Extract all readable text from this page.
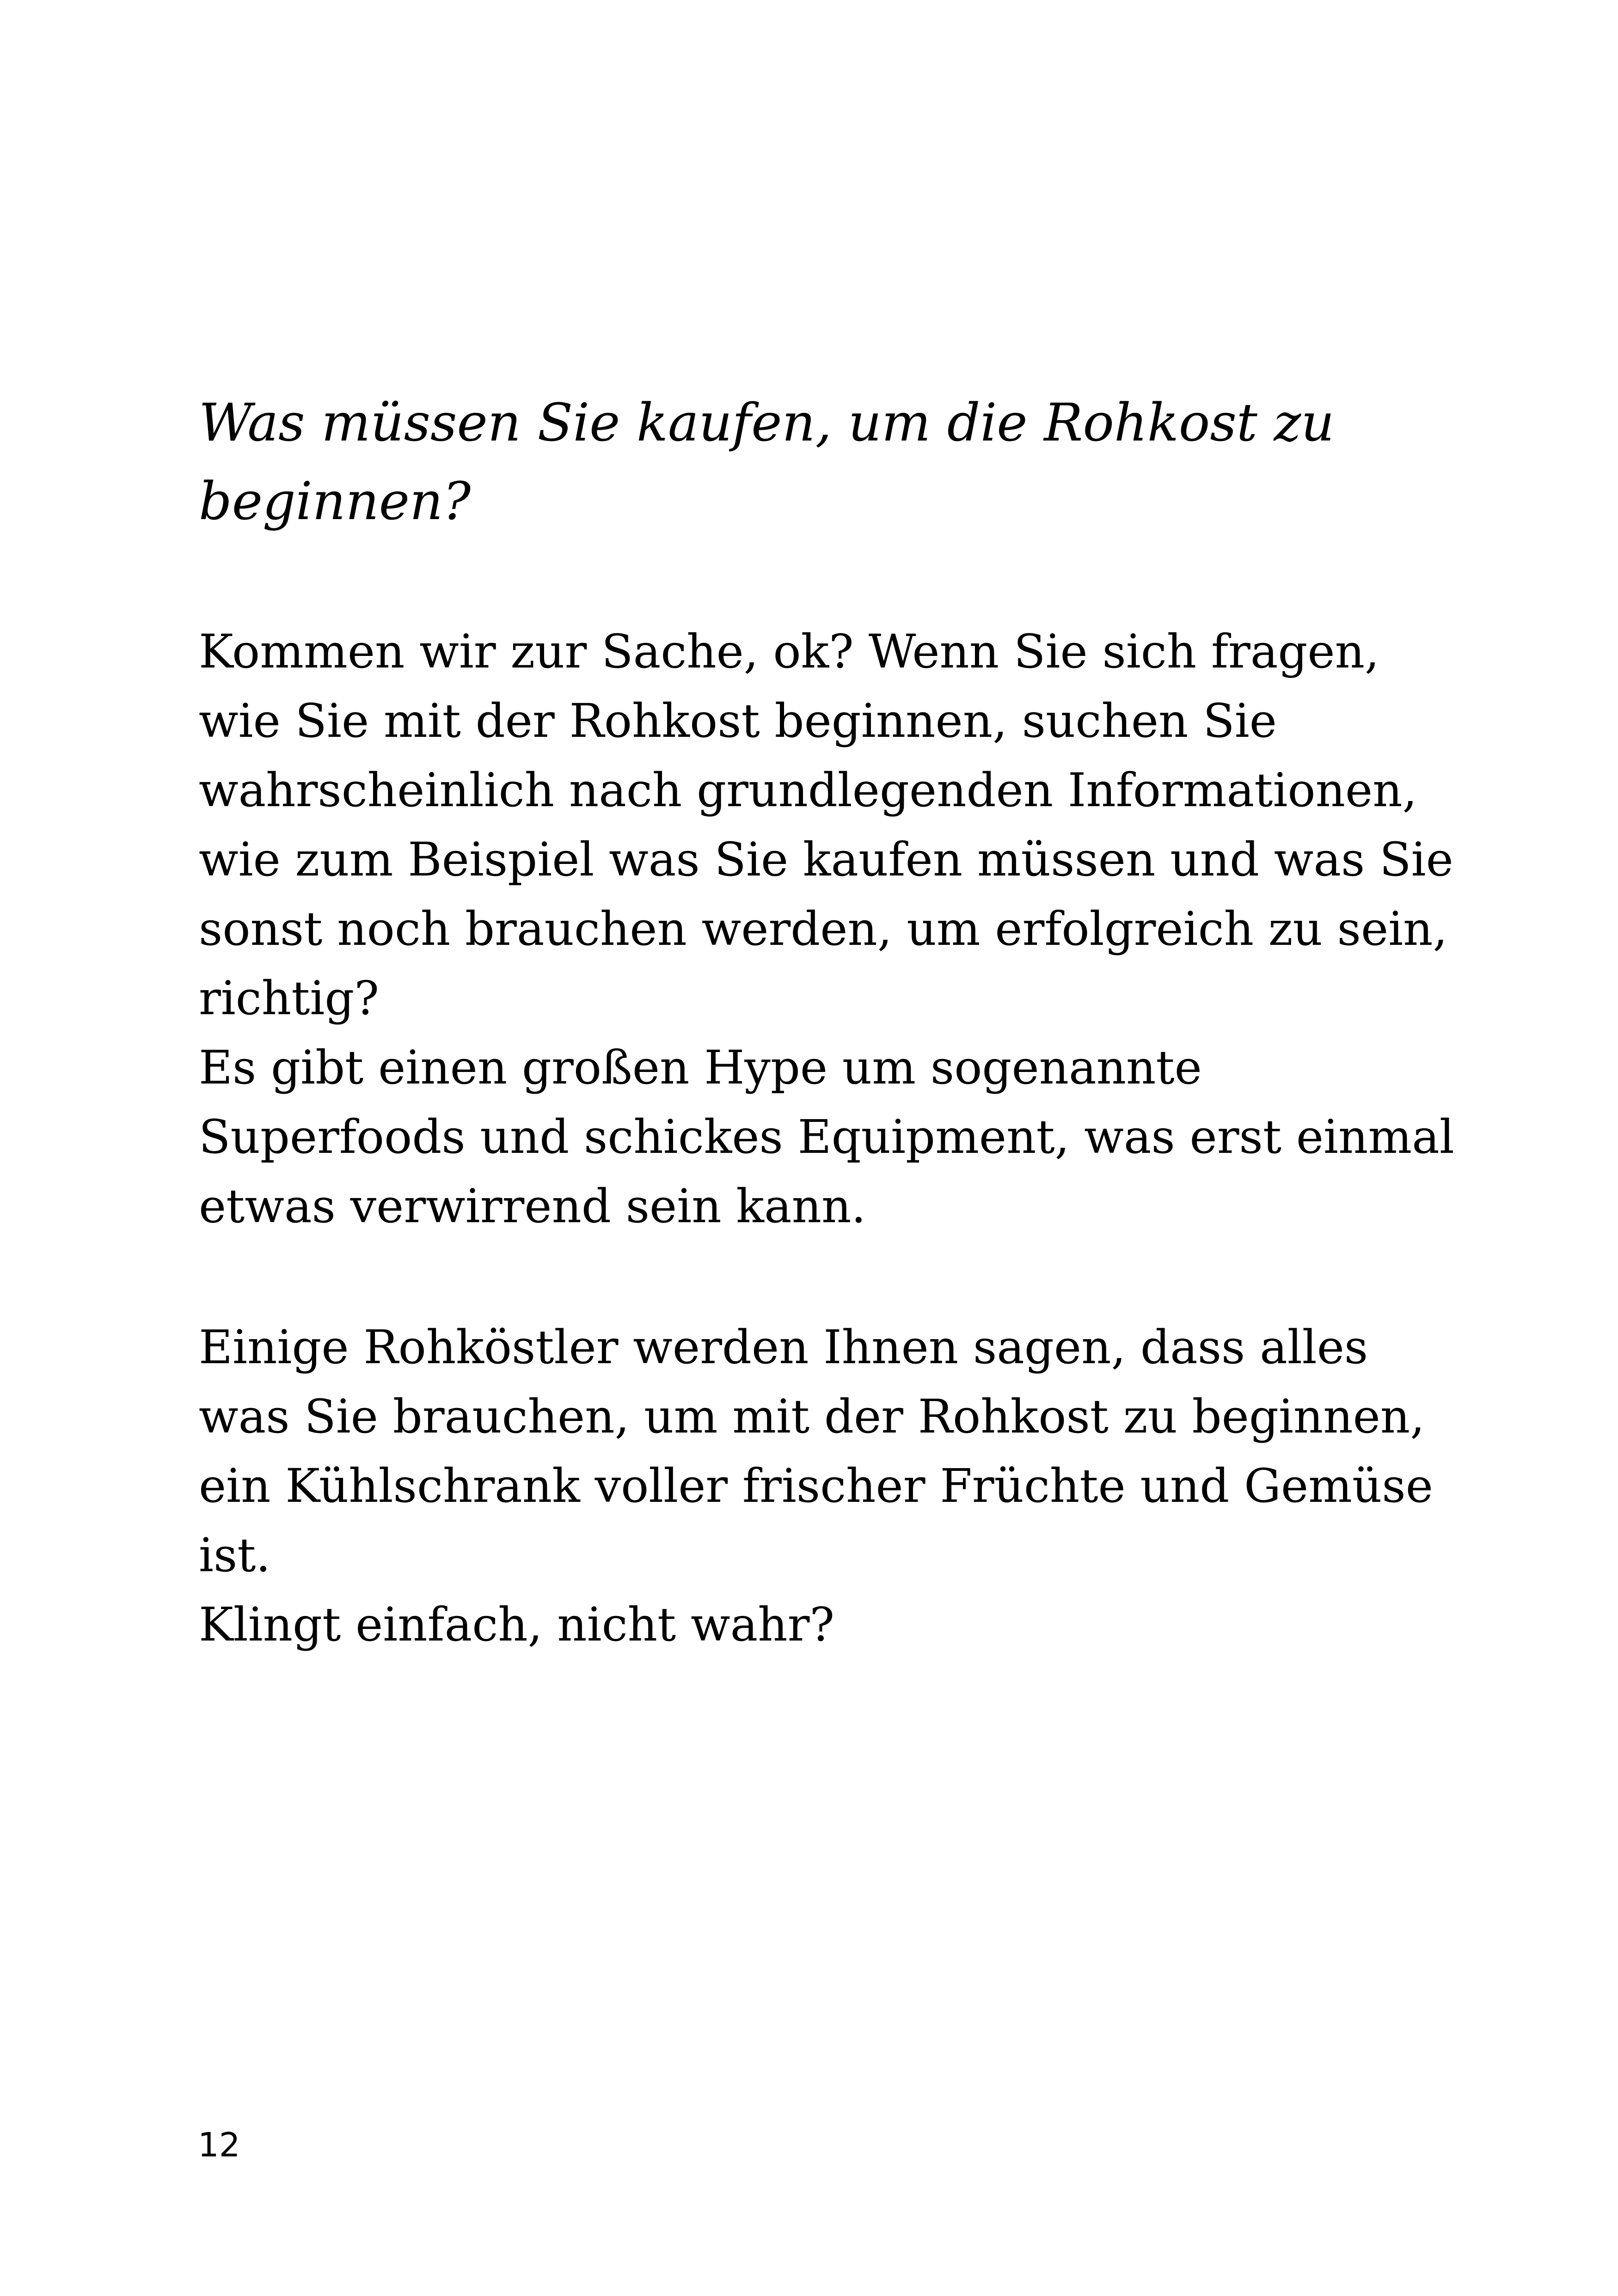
Was müssen Sie kaufen, um die Rohkost zu
beginnen?

Kommen wir zur Sache, ok? Wenn Sie sich fragen,
wie Sie mit der Rohkost beginnen, suchen Sie
wahrscheinlich nach grundlegenden Informationen,
wie zum Beispiel was Sie kaufen müssen und was Sie
sonst noch brauchen werden, um erfolgreich zu sein,
richtig?
Es gibt einen großen Hype um sogenannte
Superfoods und schickes Equipment, was erst einmal
etwas verwirrend sein kann.

Einige Rohköstler werden Ihnen sagen, dass alles
was Sie brauchen, um mit der Rohkost zu beginnen,
ein Kühlschrank voller frischer Früchte und Gemüse
ist.
Klingt einfach, nicht wahr?

12
